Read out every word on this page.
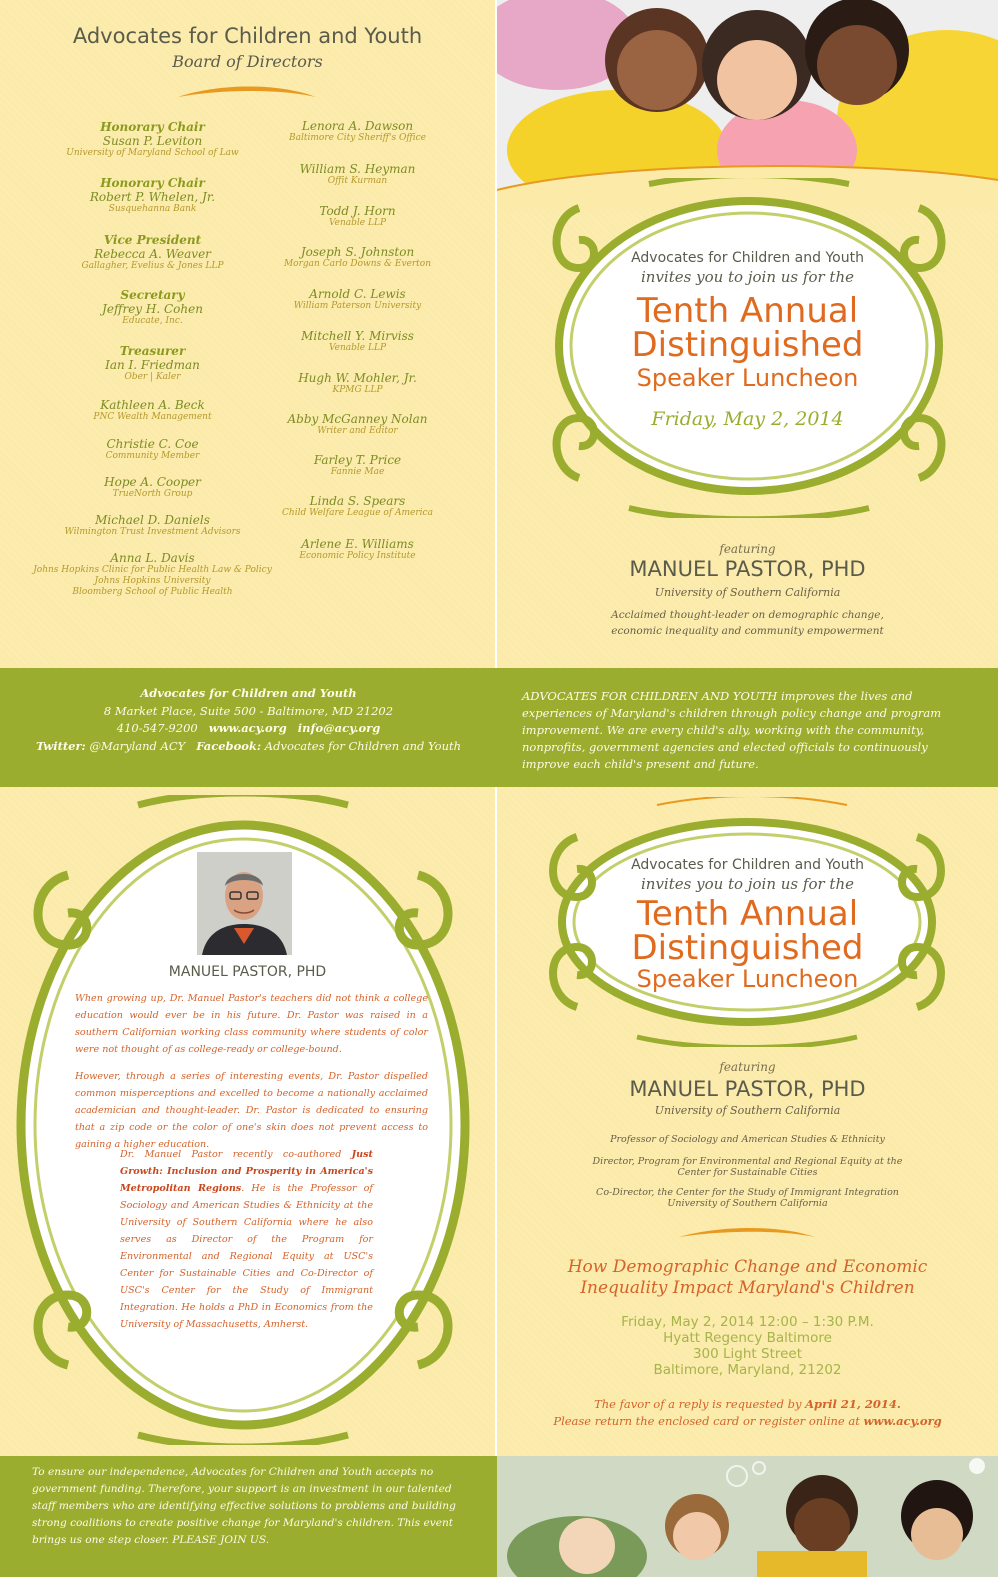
Advocates for Children and Youth
Board of Directors
Honorary Chair
Susan P. Leviton
University of Maryland School of Law
Honorary Chair
Robert P. Whelen, Jr.
Susquehanna Bank
Vice President
Rebecca A. Weaver
Gallagher, Evelius & Jones LLP
Secretary
Jeffrey H. Cohen
Educate, Inc.
Treasurer
Ian I. Friedman
Ober | Kaler
Kathleen A. Beck
PNC Wealth Management
Christie C. Coe
Community Member
Hope A. Cooper
TrueNorth Group
Michael D. Daniels
Wilmington Trust Investment Advisors
Anna L. Davis
Johns Hopkins Clinic for Public Health Law & Policy
Johns Hopkins University
Bloomberg School of Public Health
Lenora A. Dawson
Baltimore City Sheriff's Office
William S. Heyman
Offit Kurman
Todd J. Horn
Venable LLP
Joseph S. Johnston
Morgan Carlo Downs & Everton
Arnold C. Lewis
William Paterson University
Mitchell Y. Mirviss
Venable LLP
Hugh W. Mohler, Jr.
KPMG LLP
Abby McGanney Nolan
Writer and Editor
Farley T. Price
Fannie Mae
Linda S. Spears
Child Welfare League of America
Arlene E. Williams
Economic Policy Institute
Advocates for Children and Youth
invites you to join us for the
Tenth Annual
Distinguished
Speaker Luncheon
Friday, May 2, 2014
featuring
MANUEL PASTOR, PHD
University of Southern California
Acclaimed thought-leader on demographic change,
economic inequality and community empowerment
Advocates for Children and Youth
8 Market Place, Suite 500 - Baltimore, MD 21202
410-547-9200 www.acy.org info@acy.org
Twitter: @Maryland ACY Facebook: Advocates for Children and Youth
ADVOCATES FOR CHILDREN AND YOUTH improves the lives and experiences of Maryland's children through policy change and program improvement. We are every child's ally, working with the community, nonprofits, government agencies and elected officials to continuously improve each child's present and future.
MANUEL PASTOR, PHD
When growing up, Dr. Manuel Pastor's teachers did not think a college education would ever be in his future. Dr. Pastor was raised in a southern Californian working class community where students of color were not thought of as college-ready or college-bound.
However, through a series of interesting events, Dr. Pastor dispelled common misperceptions and excelled to become a nationally acclaimed academician and thought-leader. Dr. Pastor is dedicated to ensuring that a zip code or the color of one's skin does not prevent access to gaining a higher education.
Dr. Manuel Pastor recently co-authored Just Growth: Inclusion and Prosperity in America's Metropolitan Regions. He is the Professor of Sociology and American Studies & Ethnicity at the University of Southern California where he also serves as Director of the Program for Environmental and Regional Equity at USC's Center for Sustainable Cities and Co-Director of USC's Center for the Study of Immigrant Integration. He holds a PhD in Economics from the University of Massachusetts, Amherst.
Advocates for Children and Youth
invites you to join us for the
Tenth Annual
Distinguished
Speaker Luncheon
featuring
MANUEL PASTOR, PHD
University of Southern California
Professor of Sociology and American Studies & Ethnicity
Director, Program for Environmental and Regional Equity at the
Center for Sustainable Cities
Co-Director, the Center for the Study of Immigrant Integration
University of Southern California
How Demographic Change and Economic
Inequality Impact Maryland's Children
Friday, May 2, 2014 12:00 – 1:30 P.M.
Hyatt Regency Baltimore
300 Light Street
Baltimore, Maryland, 21202
The favor of a reply is requested by April 21, 2014.
Please return the enclosed card or register online at www.acy.org
To ensure our independence, Advocates for Children and Youth accepts no government funding. Therefore, your support is an investment in our talented staff members who are identifying effective solutions to problems and building strong coalitions to create positive change for Maryland's children. This event brings us one step closer. PLEASE JOIN US.
